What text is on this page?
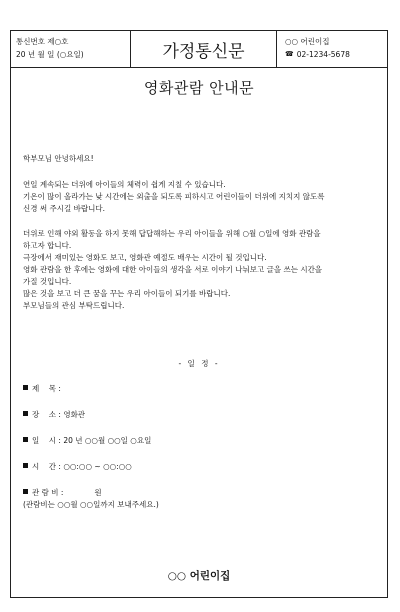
통신번호 제○호
20 년 월 일 (○요일)	가정통신문	○○ 어린이집
☎ 02-1234-5678
영화관람 안내문

학부모님 안녕하세요!

연일 계속되는 더위에 아이들의 체력이 쉽게 지칠 수 있습니다.

기온이 많이 올라가는 낮 시간에는 외출을 되도록 피하시고 어린이들이 더위에 지치지 않도록

신경 써 주시길 바랍니다.

더위로 인해 야외 활동을 하지 못해 답답해하는 우리 아이들을 위해 ○월 ○일에 영화 관람을

하고자 합니다.

극장에서 재미있는 영화도 보고, 영화관 예절도 배우는 시간이 될 것입니다.

영화 관람을 한 후에는 영화에 대한 아이들의 생각을 서로 이야기 나눠보고 글을 쓰는 시간을

가질 것입니다.

많은 것을 보고 더 큰 꿈을 꾸는 우리 아이들이 되기를 바랍니다.

부모님들의 관심 부탁드립니다.

- 일 정 -
제    목 :
장    소 : 영화관
일    시 : 20 년 ○○월 ○○일 ○요일
시    간 : ○○:○○ ~ ○○:○○
관 람 비 :             원
(관람비는 ○○월 ○○일까지 보내주세요.)
○○ 어린이집
